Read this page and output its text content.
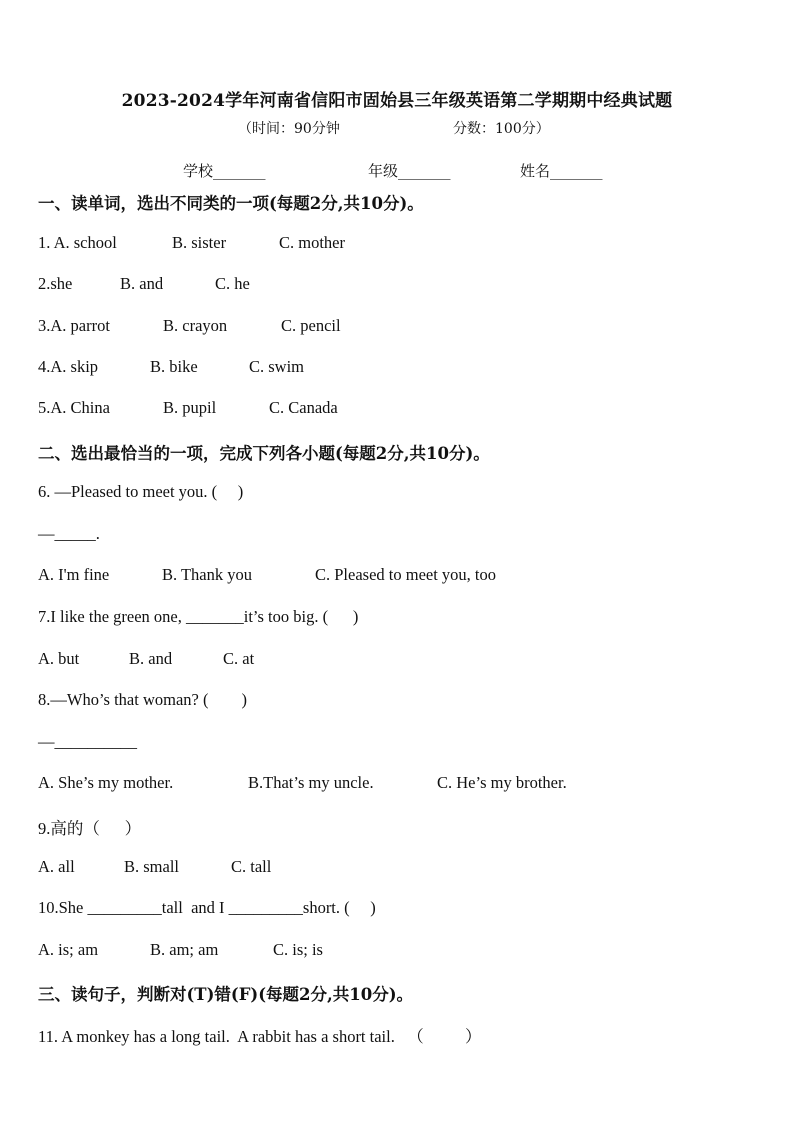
2023-2024学年河南省信阳市固始县三年级英语第二学期期中经典试题
（时间：90分钟	分数：100分）
学校_______	年级_______	姓名_______
一、读单词，选出不同类的一项(每题2分,共10分)。

1. A. school

	B. sister

	C. mother

2.she

	B. and

	C. he

3.A. parrot

	B. crayon

	C. pencil

4.A. skip

	B. bike

	C. swim

5.A. China

	B. pupil

	C. Canada

二、选出最恰当的一项，完成下列各小题(每题2分,共10分)。
6. —Pleased to meet you. (     )
—_____.

A. I'm fine

	B. Thank you

	C. Pleased to meet you, too

7.I like the green one, _______it’s too big. (      )

A. but

	B. and

	C. at

8.—Who’s that woman? (        )
—__________

A. She’s my mother.

	B.That’s my uncle.

	C. He’s my brother.

9.高的（      ）

A. all

	B. small

	C. tall

10.She _________tall  and I _________short. (     )

A. is; am

	B. am; am

	C. is; is

三、读句子，判断对(T)错(F)(每题2分,共10分)。
11. A monkey has a long tail.  A rabbit has a short tail.   （          ）
